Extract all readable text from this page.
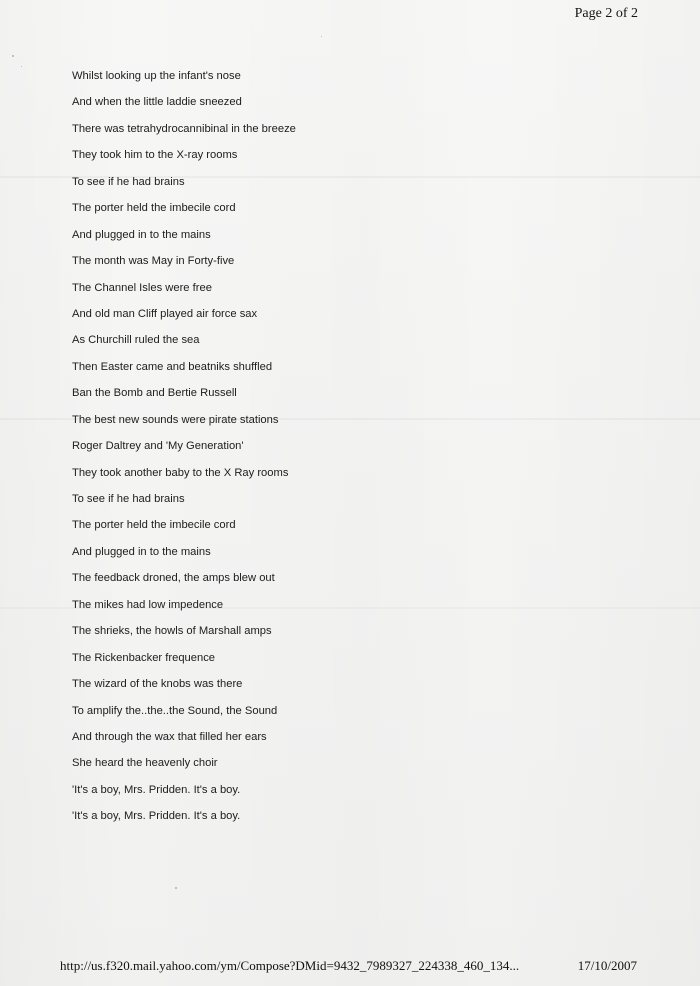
Page 2 of 2
Whilst looking up the infant's nose
And when the little laddie sneezed
There was tetrahydrocannibinal in the breeze
They took him to the X-ray rooms
To see if he had brains
The porter held the imbecile cord
And plugged in to the mains
The month was May in Forty-five
The Channel Isles were free
And old man Cliff played air force sax
As Churchill ruled the sea
Then Easter came and beatniks shuffled
Ban the Bomb and Bertie Russell
The best new sounds were pirate stations
Roger Daltrey and 'My Generation'
They took another baby to the X Ray rooms
To see if he had brains
The porter held the imbecile cord
And plugged in to the mains
The feedback droned, the amps blew out
The mikes had low impedence
The shrieks, the howls of Marshall amps
The Rickenbacker frequence
The wizard of the knobs was there
To amplify the..the..the Sound, the Sound
And through the wax that filled her ears
She heard the heavenly choir
'It's a boy, Mrs. Pridden. It's a boy.
'It's a boy, Mrs. Pridden. It's a boy.
http://us.f320.mail.yahoo.com/ym/Compose?DMid=9432_7989327_224338_460_134...	17/10/2007
